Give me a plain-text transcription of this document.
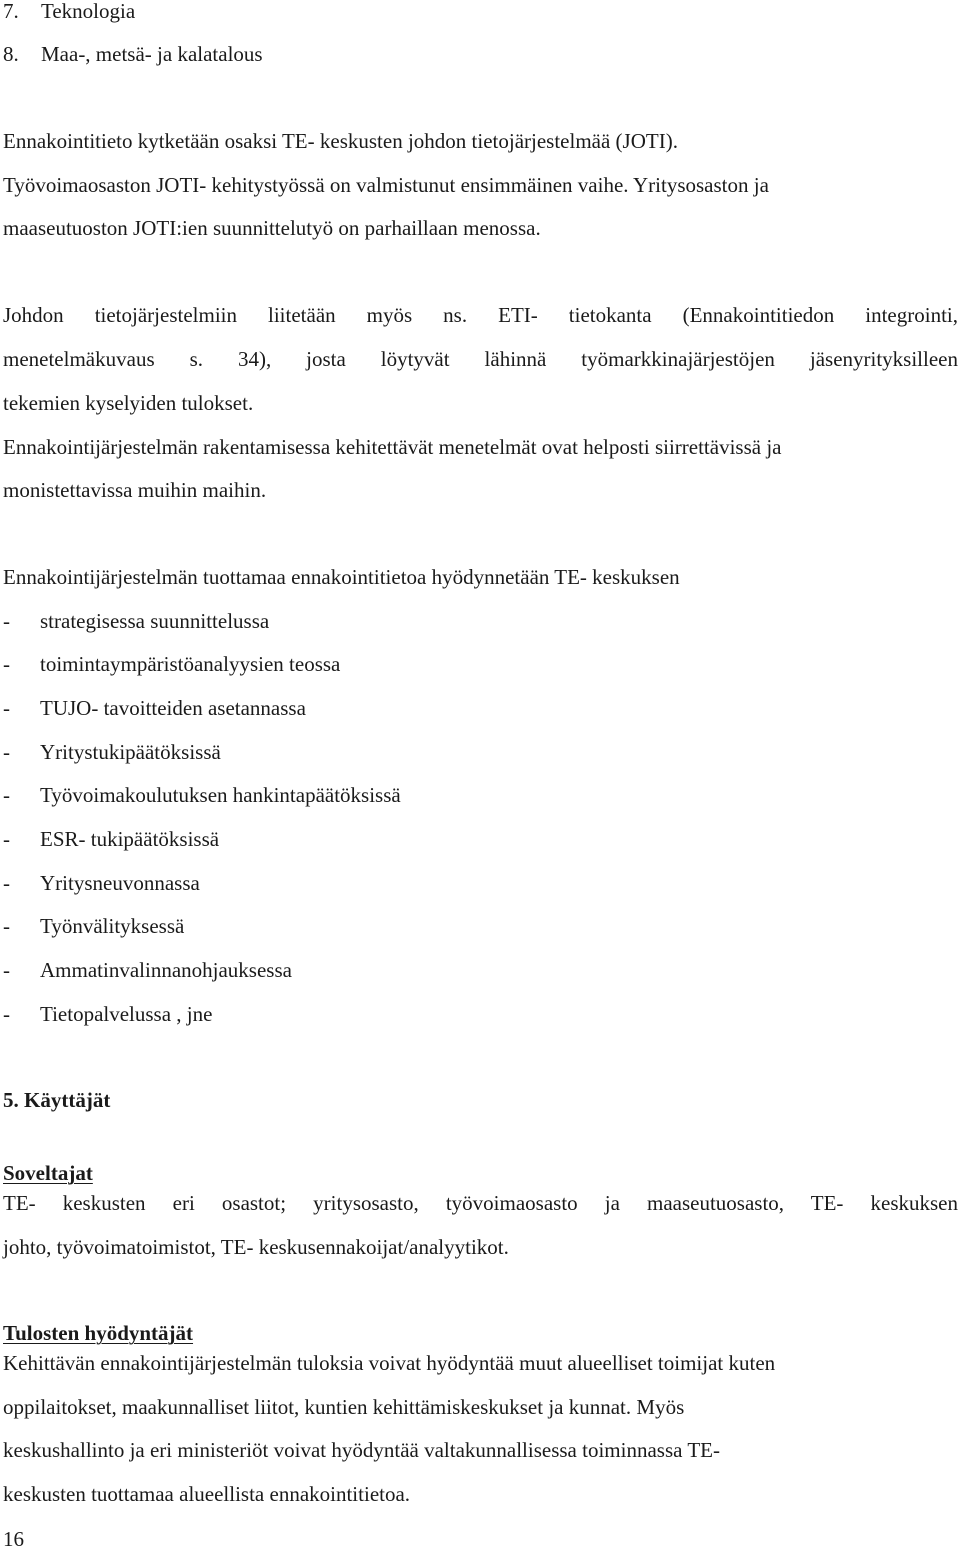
7. Teknologia
8. Maa-, metsä- ja kalatalous
Ennakointitieto kytketään osaksi TE- keskusten johdon tietojärjestelmää (JOTI).
Työvoimaosaston JOTI- kehitystyössä on valmistunut ensimmäinen vaihe. Yritysosaston ja
maaseutuoston JOTI:ien suunnittelutyö on parhaillaan menossa.
Johdon tietojärjestelmiin liitetään myös ns. ETI- tietokanta (Ennakointitiedon integrointi,
menetelmäkuvaus s. 34), josta löytyvät lähinnä työmarkkinajärjestöjen jäsenyrityksilleen
tekemien kyselyiden tulokset.
Ennakointijärjestelmän rakentamisessa kehitettävät menetelmät ovat helposti siirrettävissä ja
monistettavissa muihin maihin.
Ennakointijärjestelmän tuottamaa ennakointitietoa hyödynnetään TE- keskuksen
- strategisessa suunnittelussa
- toimintaympäristöanalyysien teossa
- TUJO- tavoitteiden asetannassa
- Yritystukipäätöksissä
- Työvoimakoulutuksen hankintapäätöksissä
- ESR- tukipäätöksissä
- Yritysneuvonnassa
- Työnvälityksessä
- Ammatinvalinnanohjauksessa
- Tietopalvelussa , jne
5. Käyttäjät
Soveltajat
TE- keskusten eri osastot; yritysosasto, työvoimaosasto ja maaseutuosasto, TE- keskuksen
johto, työvoimatoimistot, TE- keskusennakoijat/analyytikot.
Tulosten hyödyntäjät
Kehittävän ennakointijärjestelmän tuloksia voivat hyödyntää muut alueelliset toimijat kuten
oppilaitokset, maakunnalliset liitot, kuntien kehittämiskeskukset ja kunnat. Myös
keskushallinto ja eri ministeriöt voivat hyödyntää valtakunnallisessa toiminnassa TE-
keskusten tuottamaa alueellista ennakointitietoa.
16
